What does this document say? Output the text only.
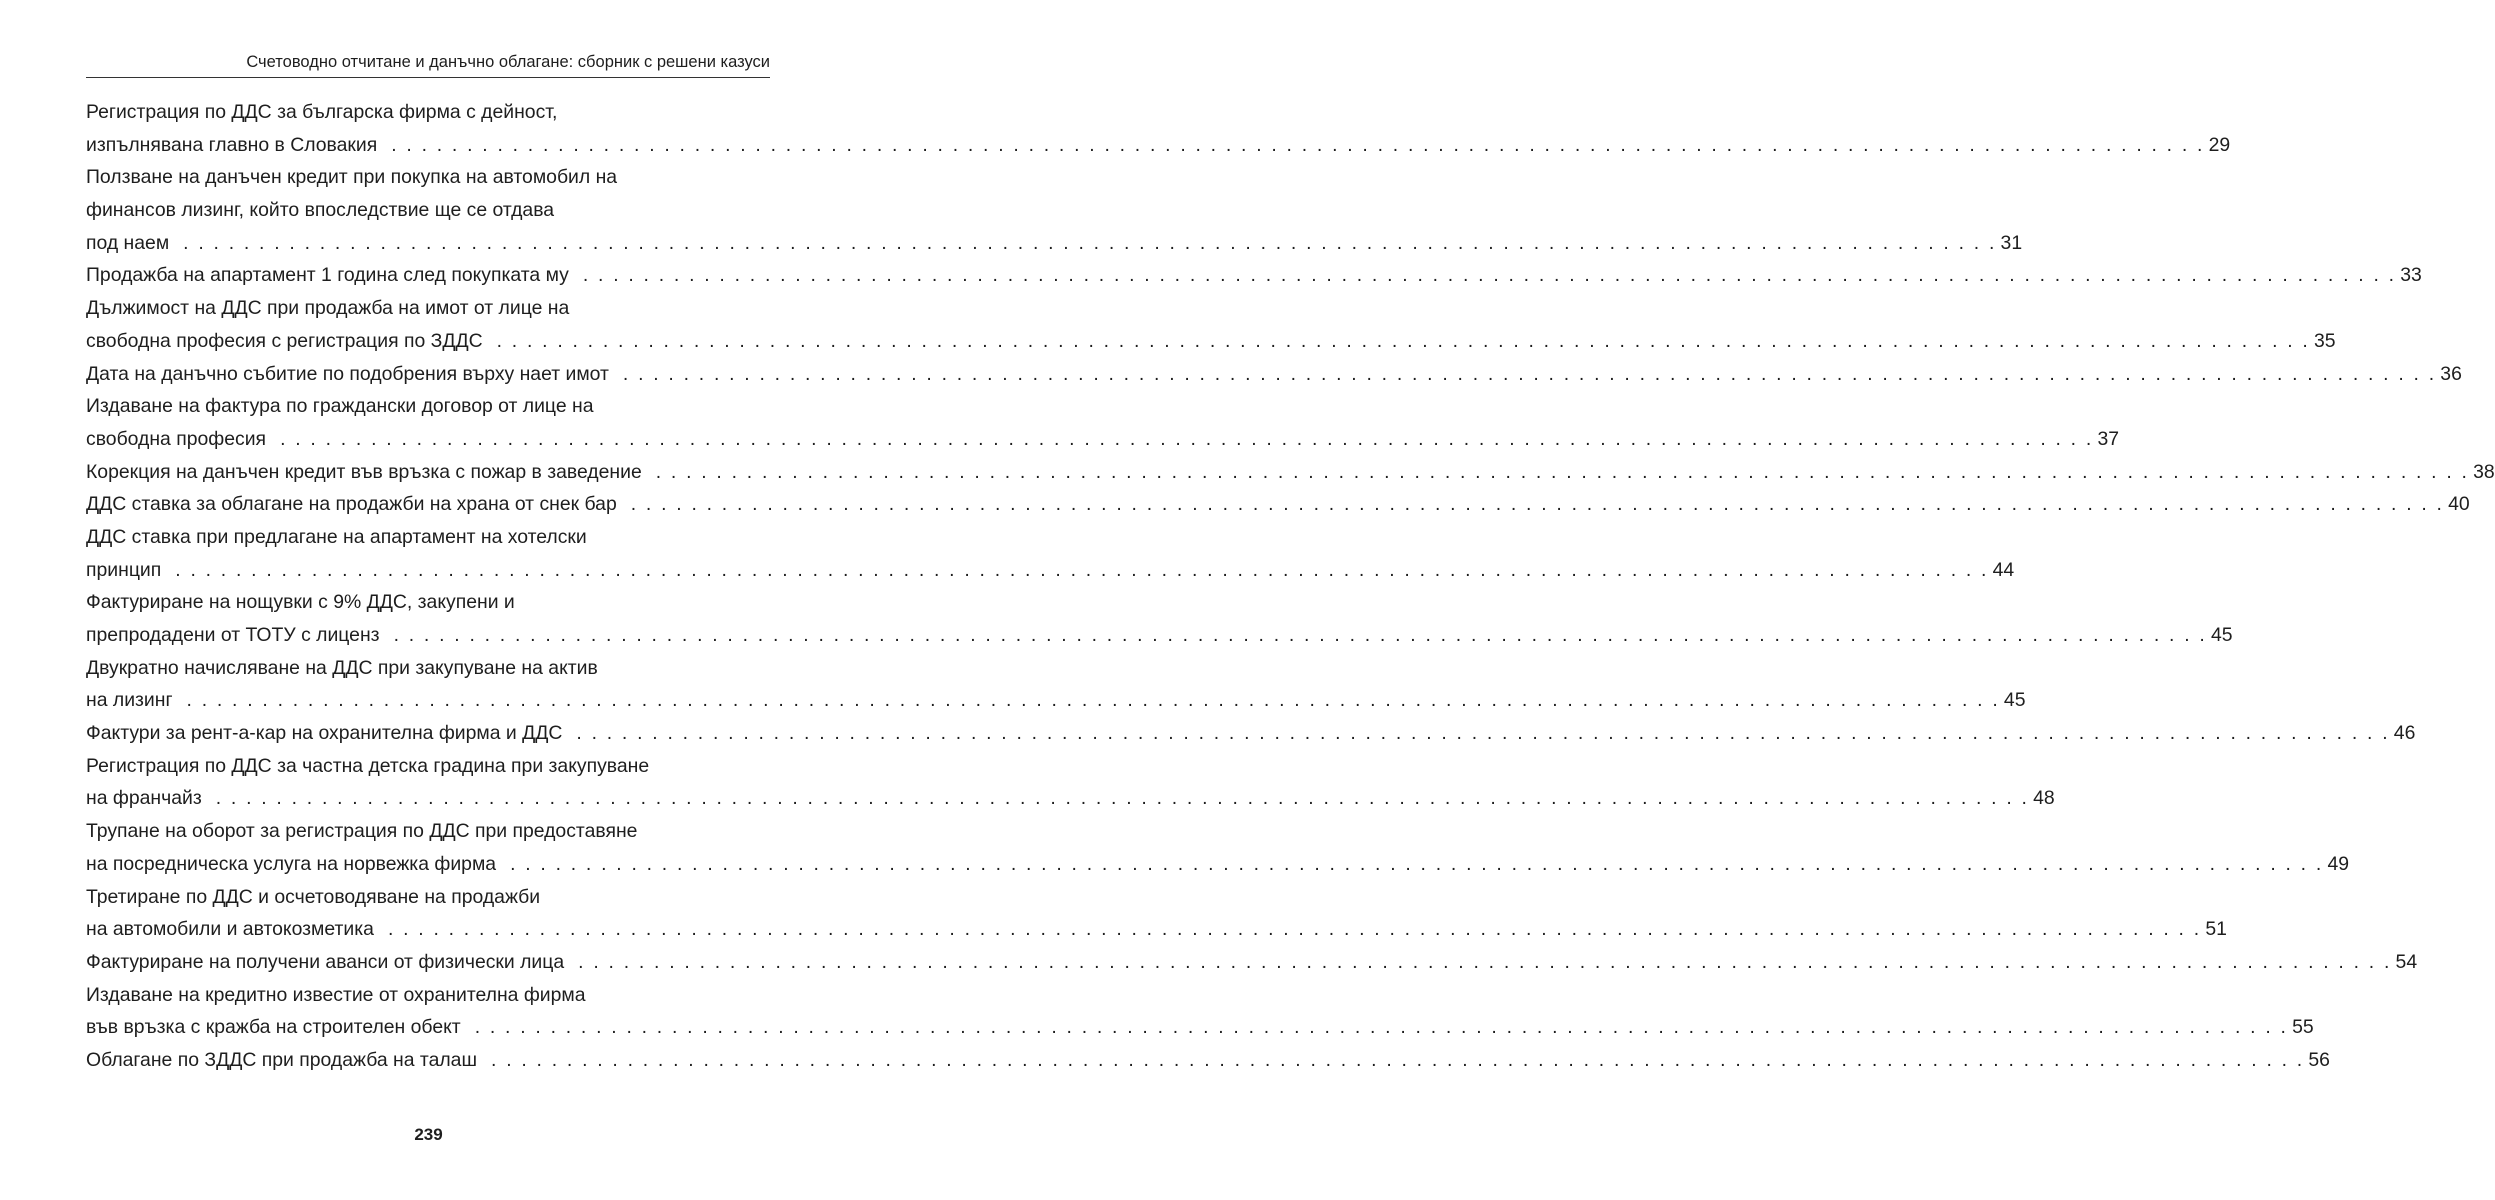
Счетоводно отчитане и данъчно облагане: сборник с решени казуси
Регистрация по ДДС за българска фирма с дейност,
изпълнявана главно в Словакия . . . . . . . . . . . . . . . . . . . . . . . . . . . . . . . . . . . . . . . . . . . . . . . . . . . . . . . . . . . . . . . . . . . . . . . . . . . . . . . . . . . . . . . . . . . . . . . . . . . . . . . . . . . . . . . . . . . . . . . . 29
Ползване на данъчен кредит при покупка на автомобил на
финансов лизинг, който впоследствие ще се отдава
под наем . . . . . . . . . . . . . . . . . . . . . . . . . . . . . . . . . . . . . . . . . . . . . . . . . . . . . . . . . . . . . . . . . . . . . . . . . . . . . . . . . . . . . . . . . . . . . . . . . . . . . . . . . . . . . . . . . . . . . . . . 31
Продажба на апартамент 1 година след покупката му . . . . . . . . . . . . . . . . . . . . . . . . . . . . . . . . . . . . . . . . . . . . . . . . . . . . . . . . . . . . . . . . . . . . . . . . . . . . . . . . . . . . . . . . . . . . . . . . . . . . . . . . . . . . . . . . . . . . . . . . 33
Дължимост на ДДС при продажба на имот от лице на
свободна професия с регистрация по ЗДДС . . . . . . . . . . . . . . . . . . . . . . . . . . . . . . . . . . . . . . . . . . . . . . . . . . . . . . . . . . . . . . . . . . . . . . . . . . . . . . . . . . . . . . . . . . . . . . . . . . . . . . . . . . . . . . . . . . . . . . . . 35
Дата на данъчно събитие по подобрения върху нает имот . . . . . . . . . . . . . . . . . . . . . . . . . . . . . . . . . . . . . . . . . . . . . . . . . . . . . . . . . . . . . . . . . . . . . . . . . . . . . . . . . . . . . . . . . . . . . . . . . . . . . . . . . . . . . . . . . . . . . . . . 36
Издаване на фактура по граждански договор от лице на
свободна професия . . . . . . . . . . . . . . . . . . . . . . . . . . . . . . . . . . . . . . . . . . . . . . . . . . . . . . . . . . . . . . . . . . . . . . . . . . . . . . . . . . . . . . . . . . . . . . . . . . . . . . . . . . . . . . . . . . . . . . . . 37
Корекция на данъчен кредит във връзка с пожар в заведение . . . . . . . . . . . . . . . . . . . . . . . . . . . . . . . . . . . . . . . . . . . . . . . . . . . . . . . . . . . . . . . . . . . . . . . . . . . . . . . . . . . . . . . . . . . . . . . . . . . . . . . . . . . . . . . . . . . . . . . . 38
ДДС ставка за облагане на продажби на храна от снек бар . . . . . . . . . . . . . . . . . . . . . . . . . . . . . . . . . . . . . . . . . . . . . . . . . . . . . . . . . . . . . . . . . . . . . . . . . . . . . . . . . . . . . . . . . . . . . . . . . . . . . . . . . . . . . . . . . . . . . . . . 40
ДДС ставка при предлагане на апартамент на хотелски
принцип . . . . . . . . . . . . . . . . . . . . . . . . . . . . . . . . . . . . . . . . . . . . . . . . . . . . . . . . . . . . . . . . . . . . . . . . . . . . . . . . . . . . . . . . . . . . . . . . . . . . . . . . . . . . . . . . . . . . . . . . 44
Фактуриране на нощувки с 9% ДДС, закупени и
препродадени от ТОТУ с лиценз . . . . . . . . . . . . . . . . . . . . . . . . . . . . . . . . . . . . . . . . . . . . . . . . . . . . . . . . . . . . . . . . . . . . . . . . . . . . . . . . . . . . . . . . . . . . . . . . . . . . . . . . . . . . . . . . . . . . . . . . 45
Двукратно начисляване на ДДС при закупуване на актив
на лизинг . . . . . . . . . . . . . . . . . . . . . . . . . . . . . . . . . . . . . . . . . . . . . . . . . . . . . . . . . . . . . . . . . . . . . . . . . . . . . . . . . . . . . . . . . . . . . . . . . . . . . . . . . . . . . . . . . . . . . . . . 45
Фактури за рент-а-кар на охранителна фирма и ДДС . . . . . . . . . . . . . . . . . . . . . . . . . . . . . . . . . . . . . . . . . . . . . . . . . . . . . . . . . . . . . . . . . . . . . . . . . . . . . . . . . . . . . . . . . . . . . . . . . . . . . . . . . . . . . . . . . . . . . . . . 46
Регистрация по ДДС за частна детска градина при закупуване
на франчайз . . . . . . . . . . . . . . . . . . . . . . . . . . . . . . . . . . . . . . . . . . . . . . . . . . . . . . . . . . . . . . . . . . . . . . . . . . . . . . . . . . . . . . . . . . . . . . . . . . . . . . . . . . . . . . . . . . . . . . . . 48
Трупане на оборот за регистрация по ДДС при предоставяне
на посредническа услуга на норвежка фирма . . . . . . . . . . . . . . . . . . . . . . . . . . . . . . . . . . . . . . . . . . . . . . . . . . . . . . . . . . . . . . . . . . . . . . . . . . . . . . . . . . . . . . . . . . . . . . . . . . . . . . . . . . . . . . . . . . . . . . . . 49
Третиране по ДДС и осчетоводяване на продажби
на автомобили и автокозметика . . . . . . . . . . . . . . . . . . . . . . . . . . . . . . . . . . . . . . . . . . . . . . . . . . . . . . . . . . . . . . . . . . . . . . . . . . . . . . . . . . . . . . . . . . . . . . . . . . . . . . . . . . . . . . . . . . . . . . . . 51
Фактуриране на получени аванси от физически лица . . . . . . . . . . . . . . . . . . . . . . . . . . . . . . . . . . . . . . . . . . . . . . . . . . . . . . . . . . . . . . . . . . . . . . . . . . . . . . . . . . . . . . . . . . . . . . . . . . . . . . . . . . . . . . . . . . . . . . . . 54
Издаване на кредитно известие от охранителна фирма
във връзка с кражба на строителен обект . . . . . . . . . . . . . . . . . . . . . . . . . . . . . . . . . . . . . . . . . . . . . . . . . . . . . . . . . . . . . . . . . . . . . . . . . . . . . . . . . . . . . . . . . . . . . . . . . . . . . . . . . . . . . . . . . . . . . . . . 55
Облагане по ЗДДС при продажба на талаш . . . . . . . . . . . . . . . . . . . . . . . . . . . . . . . . . . . . . . . . . . . . . . . . . . . . . . . . . . . . . . . . . . . . . . . . . . . . . . . . . . . . . . . . . . . . . . . . . . . . . . . . . . . . . . . . . . . . . . . . 56
239
